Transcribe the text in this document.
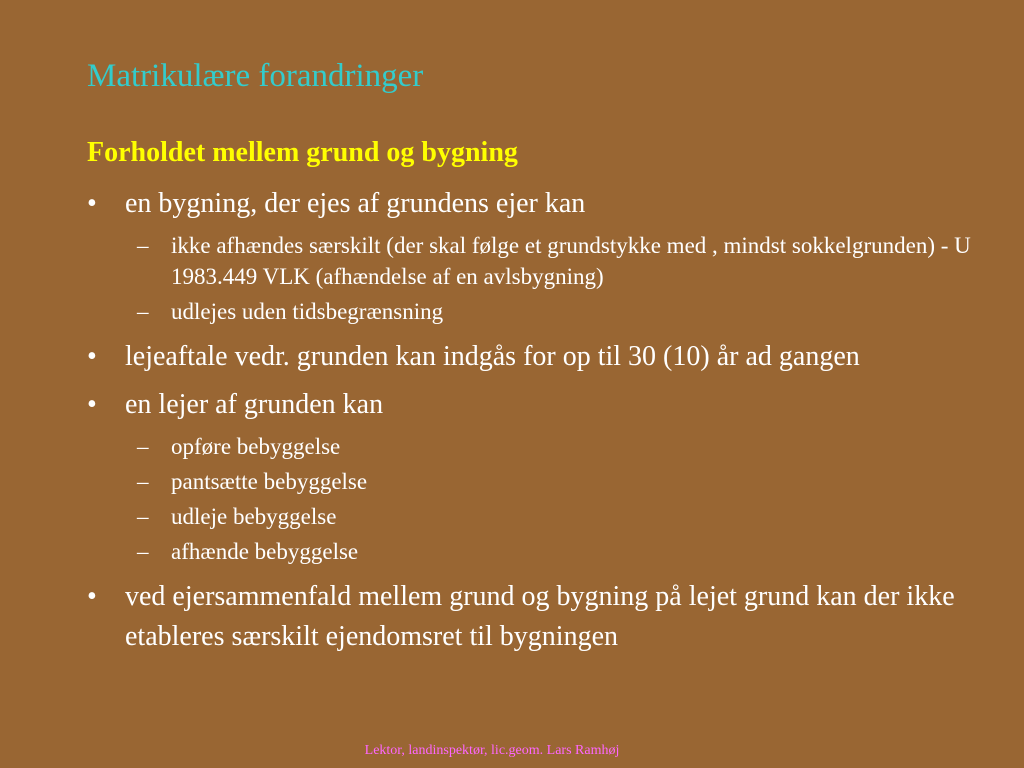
Matrikulære forandringer
Forholdet mellem grund og bygning
• en bygning, der ejes af grundens ejer kan
– ikke afhændes særskilt (der skal følge et grundstykke med , mindst sokkelgrunden) - U 1983.449 VLK (afhændelse af en avlsbygning)
– udlejes uden tidsbegrænsning
• lejeaftale vedr. grunden kan indgås for op til 30 (10) år ad gangen
• en lejer af grunden kan
– opføre bebyggelse
– pantsætte bebyggelse
– udleje bebyggelse
– afhænde bebyggelse
• ved ejersammenfald mellem grund og bygning på lejet grund kan der ikke etableres særskilt ejendomsret til bygningen
Lektor, landinspektør, lic.geom. Lars Ramhøj
